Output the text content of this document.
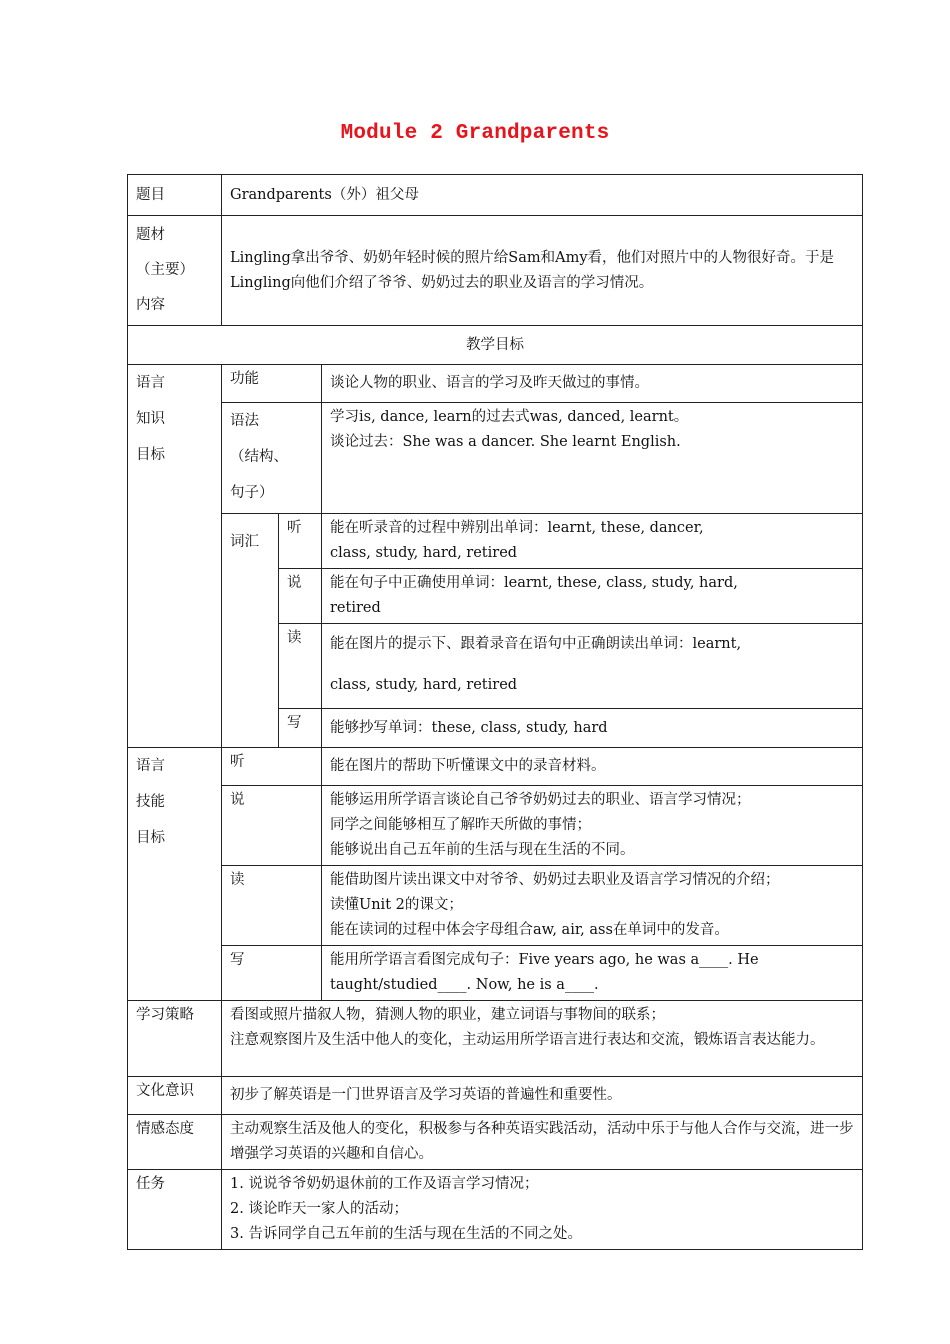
Module 2 Grandparents
题目	Grandparents（外）祖父母		

题材
（主要）
内容	Lingling拿出爷爷、奶奶年轻时候的照片给Sam和Amy看，他们对照片中的人物很好奇。于是Lingling向他们介绍了爷爷、奶奶过去的职业及语言的学习情况。		
教学目标			

语言
知识
目标	功能		谈论人物的职业、语言的学习及昨天做过的事情。

	语法
（结构、
句子）		学习is, dance, learn的过去式was, danced, learnt。
谈论过去：She was a dancer. She learnt English.

	词汇	听	能在听录音的过程中辨别出单词：learnt, these, dancer,
class, study, hard, retired

		说	能在句子中正确使用单词：learnt, these, class, study, hard,
retired

		读	能在图片的提示下、跟着录音在语句中正确朗读出单词：learnt,
class, study, hard, retired

		写	能够抄写单词：these, class, study, hard

语言
技能
目标	听		能在图片的帮助下听懂课文中的录音材料。

	说		能够运用所学语言谈论自己爷爷奶奶过去的职业、语言学习情况；
同学之间能够相互了解昨天所做的事情；
能够说出自己五年前的生活与现在生活的不同。

	读		能借助图片读出课文中对爷爷、奶奶过去职业及语言学习情况的介绍；
读懂Unit 2的课文；
能在读词的过程中体会字母组合aw, air, ass在单词中的发音。

	写		能用所学语言看图完成句子：Five years ago, he was a____. He
taught/studied____. Now, he is a____.

学习策略	看图或照片描叙人物，猜测人物的职业，建立词语与事物间的联系；
注意观察图片及生活中他人的变化，主动运用所学语言进行表达和交流，锻炼语言表达能力。		

文化意识	初步了解英语是一门世界语言及学习英语的普遍性和重要性。		
情感态度	主动观察生活及他人的变化，积极参与各种英语实践活动，活动中乐于与他人合作与交流，进一步增强学习英语的兴趣和自信心。		
任务	1. 说说爷爷奶奶退休前的工作及语言学习情况；
2. 谈论昨天一家人的活动；
3. 告诉同学自己五年前的生活与现在生活的不同之处。		
